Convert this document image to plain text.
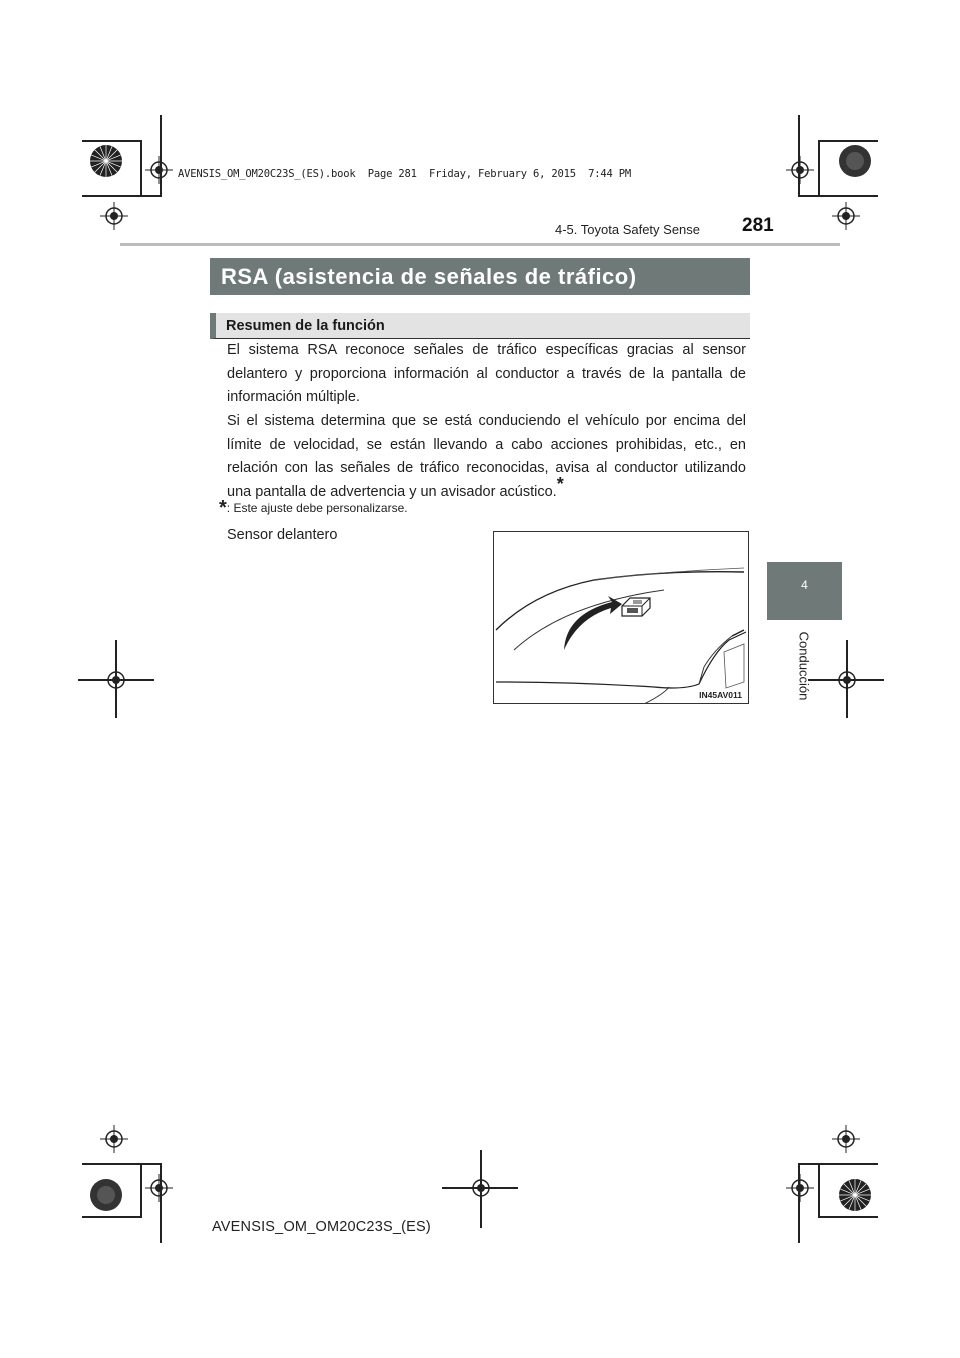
AVENSIS_OM_OM20C23S_(ES).book  Page 281  Friday, February 6, 2015  7:44 PM
4-5. Toyota Safety Sense 281
4
Conducción
RSA (asistencia de señales de tráfico)
Resumen de la función

El sistema RSA reconoce señales de tráfico específicas gracias al sensor delantero y proporciona información al conductor a través de la pantalla de información múltiple.

Si el sistema determina que se está conduciendo el vehículo por encima del límite de velocidad, se están llevando a cabo acciones prohibidas, etc., en relación con las señales de tráfico reconocidas, avisa al conductor utilizando una pantalla de advertencia y un avisador acústico.*

*: Este ajuste debe personalizarse.
Sensor delantero
IN45AV011
AVENSIS_OM_OM20C23S_(ES)
